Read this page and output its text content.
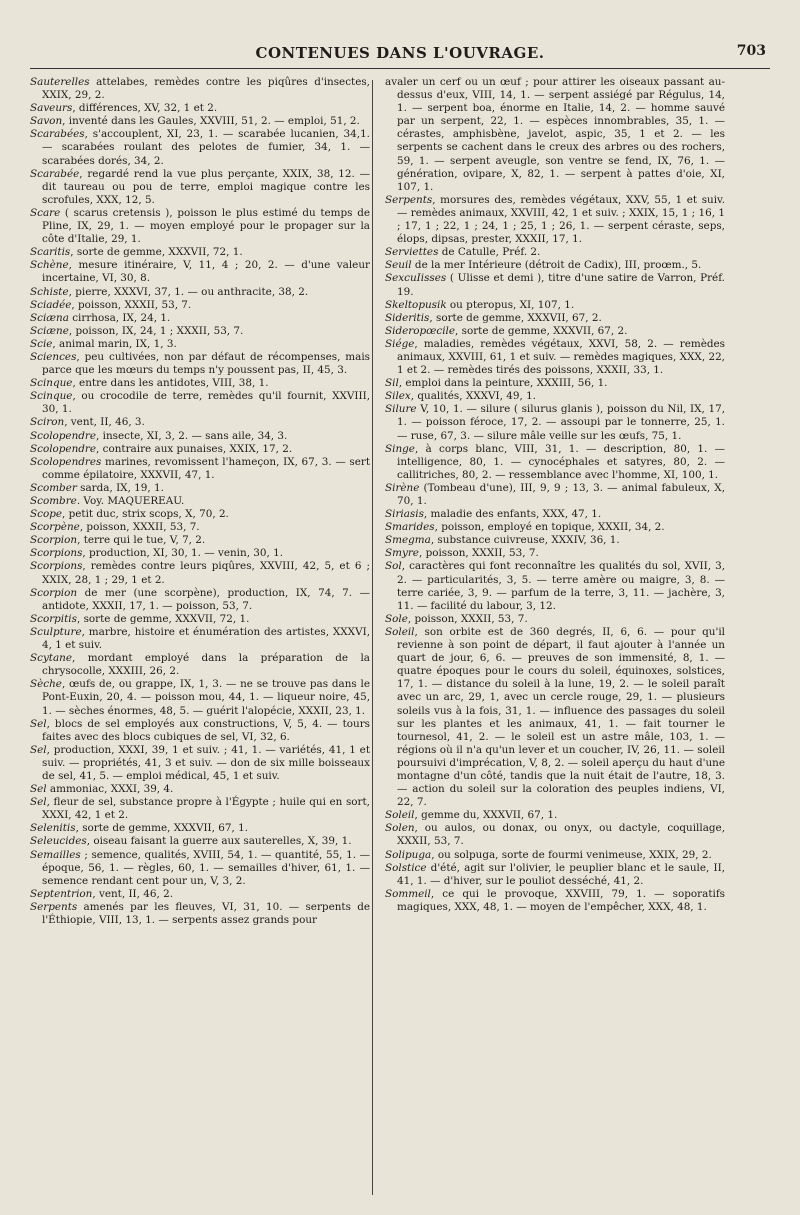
CONTENUES DANS L'OUVRAGE.	703

Sauterelles attelabes, remèdes contre les piqûres d'insectes, XXIX, 29, 2.

Saveurs, différences, XV, 32, 1 et 2.

Savon, inventé dans les Gaules, XXVIII, 51, 2. — emploi, 51, 2.

Scarabées, s'accouplent, XI, 23, 1. — scarabée lucanien, 34,1. — scarabées roulant des pelotes de fumier, 34, 1. — scarabées dorés, 34, 2.

Scarabée, regardé rend la vue plus perçante, XXIX, 38, 12. — dit taureau ou pou de terre, emploi magique contre les scrofules, XXX, 12, 5.

Scare ( scarus cretensis ), poisson le plus estimé du temps de Pline, IX, 29, 1. — moyen employé pour le propager sur la côte d'Italie, 29, 1.

Scaritis, sorte de gemme, XXXVII, 72, 1.

Schène, mesure itinéraire, V, 11, 4 ; 20, 2. — d'une valeur incertaine, VI, 30, 8.

Schiste, pierre, XXXVI, 37, 1. — ou anthracite, 38, 2.

Sciadée, poisson, XXXII, 53, 7.

Sciæna cirrhosa, IX, 24, 1.

Sciæne, poisson, IX, 24, 1 ; XXXII, 53, 7.

Scie, animal marin, IX, 1, 3.

Sciences, peu cultivées, non par défaut de récompenses, mais parce que les mœurs du temps n'y poussent pas, II, 45, 3.

Scinque, entre dans les antidotes, VIII, 38, 1.

Scinque, ou crocodile de terre, remèdes qu'il fournit, XXVIII, 30, 1.

Sciron, vent, II, 46, 3.

Scolopendre, insecte, XI, 3, 2. — sans aile, 34, 3.

Scolopendre, contraire aux punaises, XXIX, 17, 2.

Scolopendres marines, revomissent l'hameçon, IX, 67, 3. — sert comme épilatoire, XXXVII, 47, 1.

Scomber sarda, IX, 19, 1.

Scombre. Voy. MAQUEREAU.

Scope, petit duc, strix scops, X, 70, 2.

Scorpène, poisson, XXXII, 53, 7.

Scorpion, terre qui le tue, V, 7, 2.

Scorpions, production, XI, 30, 1. — venin, 30, 1.

Scorpions, remèdes contre leurs piqûres, XXVIII, 42, 5, et 6 ; XXIX, 28, 1 ; 29, 1 et 2.

Scorpion de mer (une scorpène), production, IX, 74, 7. — antidote, XXXII, 17, 1. — poisson, 53, 7.

Scorpitis, sorte de gemme, XXXVII, 72, 1.

Sculpture, marbre, histoire et énumération des artistes, XXXVI, 4, 1 et suiv.

Scytane, mordant employé dans la préparation de la chrysocolle, XXXIII, 26, 2.

Sèche, œufs de, ou grappe, IX, 1, 3. — ne se trouve pas dans le Pont-Euxin, 20, 4. — poisson mou, 44, 1. — liqueur noire, 45, 1. — sèches énormes, 48, 5. — guérit l'alopécie, XXXII, 23, 1.

Sel, blocs de sel employés aux constructions, V, 5, 4. — tours faites avec des blocs cubiques de sel, VI, 32, 6.

Sel, production, XXXI, 39, 1 et suiv. ; 41, 1. — variétés, 41, 1 et suiv. — propriétés, 41, 3 et suiv. — don de six mille boisseaux de sel, 41, 5. — emploi médical, 45, 1 et suiv.

Sel ammoniac, XXXI, 39, 4.

Sel, fleur de sel, substance propre à l'Égypte ; huile qui en sort, XXXI, 42, 1 et 2.

Selenitis, sorte de gemme, XXXVII, 67, 1.

Seleucides, oiseau faisant la guerre aux sauterelles, X, 39, 1.

Semailles ; semence, qualités, XVIII, 54, 1. — quantité, 55, 1. — époque, 56, 1. — règles, 60, 1. — semailles d'hiver, 61, 1. — semence rendant cent pour un, V, 3, 2.

Septentrion, vent, II, 46, 2.

Serpents amenés par les fleuves, VI, 31, 10. — serpents de l'Éthiopie, VIII, 13, 1. — serpents assez grands pour

avaler un cerf ou un œuf ; pour attirer les oiseaux passant au-dessus d'eux, VIII, 14, 1. — serpent assiégé par Régulus, 14, 1. — serpent boa, énorme en Italie, 14, 2. — homme sauvé par un serpent, 22, 1. — espèces innombrables, 35, 1. — cérastes, amphisbène, javelot, aspic, 35, 1 et 2. — les serpents se cachent dans le creux des arbres ou des rochers, 59, 1. — serpent aveugle, son ventre se fend, IX, 76, 1. — génération, ovipare, X, 82, 1. — serpent à pattes d'oie, XI, 107, 1.

Serpents, morsures des, remèdes végétaux, XXV, 55, 1 et suiv. — remèdes animaux, XXVIII, 42, 1 et suiv. ; XXIX, 15, 1 ; 16, 1 ; 17, 1 ; 22, 1 ; 24, 1 ; 25, 1 ; 26, 1. — serpent céraste, seps, élops, dipsas, prester, XXXII, 17, 1.

Serviettes de Catulle, Préf. 2.

Seuil de la mer Intérieure (détroit de Cadix), III, proœm., 5.

SexcuIisses ( Ulisse et demi ), titre d'une satire de Varron, Préf. 19.

Skeltopusik ou pteropus, XI, 107, 1.

Sideritis, sorte de gemme, XXXVII, 67, 2.

Sideropœcile, sorte de gemme, XXXVII, 67, 2.

Siége, maladies, remèdes végétaux, XXVI, 58, 2. — remèdes animaux, XXVIII, 61, 1 et suiv. — remèdes magiques, XXX, 22, 1 et 2. — remèdes tirés des poissons, XXXII, 33, 1.

Sil, emploi dans la peinture, XXXIII, 56, 1.

Silex, qualités, XXXVI, 49, 1.

Silure V, 10, 1. — silure ( silurus glanis ), poisson du Nil, IX, 17, 1. — poisson féroce, 17, 2. — assoupi par le tonnerre, 25, 1. — ruse, 67, 3. — silure mâle veille sur les œufs, 75, 1.

Singe, à corps blanc, VIII, 31, 1. — description, 80, 1. — intelligence, 80, 1. — cynocéphales et satyres, 80, 2. — callitriches, 80, 2. — ressemblance avec l'homme, XI, 100, 1.

Sirène (Tombeau d'une), III, 9, 9 ; 13, 3. — animal fabuleux, X, 70, 1.

Siriasis, maladie des enfants, XXX, 47, 1.

Smarides, poisson, employé en topique, XXXII, 34, 2.

Smegma, substance cuivreuse, XXXIV, 36, 1.

Smyre, poisson, XXXII, 53, 7.

Sol, caractères qui font reconnaître les qualités du sol, XVII, 3, 2. — particularités, 3, 5. — terre amère ou maigre, 3, 8. — terre cariée, 3, 9. — parfum de la terre, 3, 11. — jachère, 3, 11. — facilité du labour, 3, 12.

Sole, poisson, XXXII, 53, 7.

Soleil, son orbite est de 360 degrés, II, 6, 6. — pour qu'il revienne à son point de départ, il faut ajouter à l'année un quart de jour, 6, 6. — preuves de son immensité, 8, 1. — quatre époques pour le cours du soleil, équinoxes, solstices, 17, 1. — distance du soleil à la lune, 19, 2. — le soleil paraît avec un arc, 29, 1, avec un cercle rouge, 29, 1. — plusieurs soleils vus à la fois, 31, 1. — influence des passages du soleil sur les plantes et les animaux, 41, 1. — fait tourner le tournesol, 41, 2. — le soleil est un astre mâle, 103, 1. — régions où il n'a qu'un lever et un coucher, IV, 26, 11. — soleil poursuivi d'imprécation, V, 8, 2. — soleil aperçu du haut d'une montagne d'un côté, tandis que la nuit était de l'autre, 18, 3. — action du soleil sur la coloration des peuples indiens, VI, 22, 7.

Soleil, gemme du, XXXVII, 67, 1.

Solen, ou aulos, ou donax, ou onyx, ou dactyle, coquillage, XXXII, 53, 7.

Solipuga, ou solpuga, sorte de fourmi venimeuse, XXIX, 29, 2.

Solstice d'été, agit sur l'olivier, le peuplier blanc et le saule, II, 41, 1. — d'hiver, sur le pouliot desséché, 41, 2.

Sommeil, ce qui le provoque, XXVIII, 79, 1. — soporatifs magiques, XXX, 48, 1. — moyen de l'empêcher, XXX, 48, 1.
